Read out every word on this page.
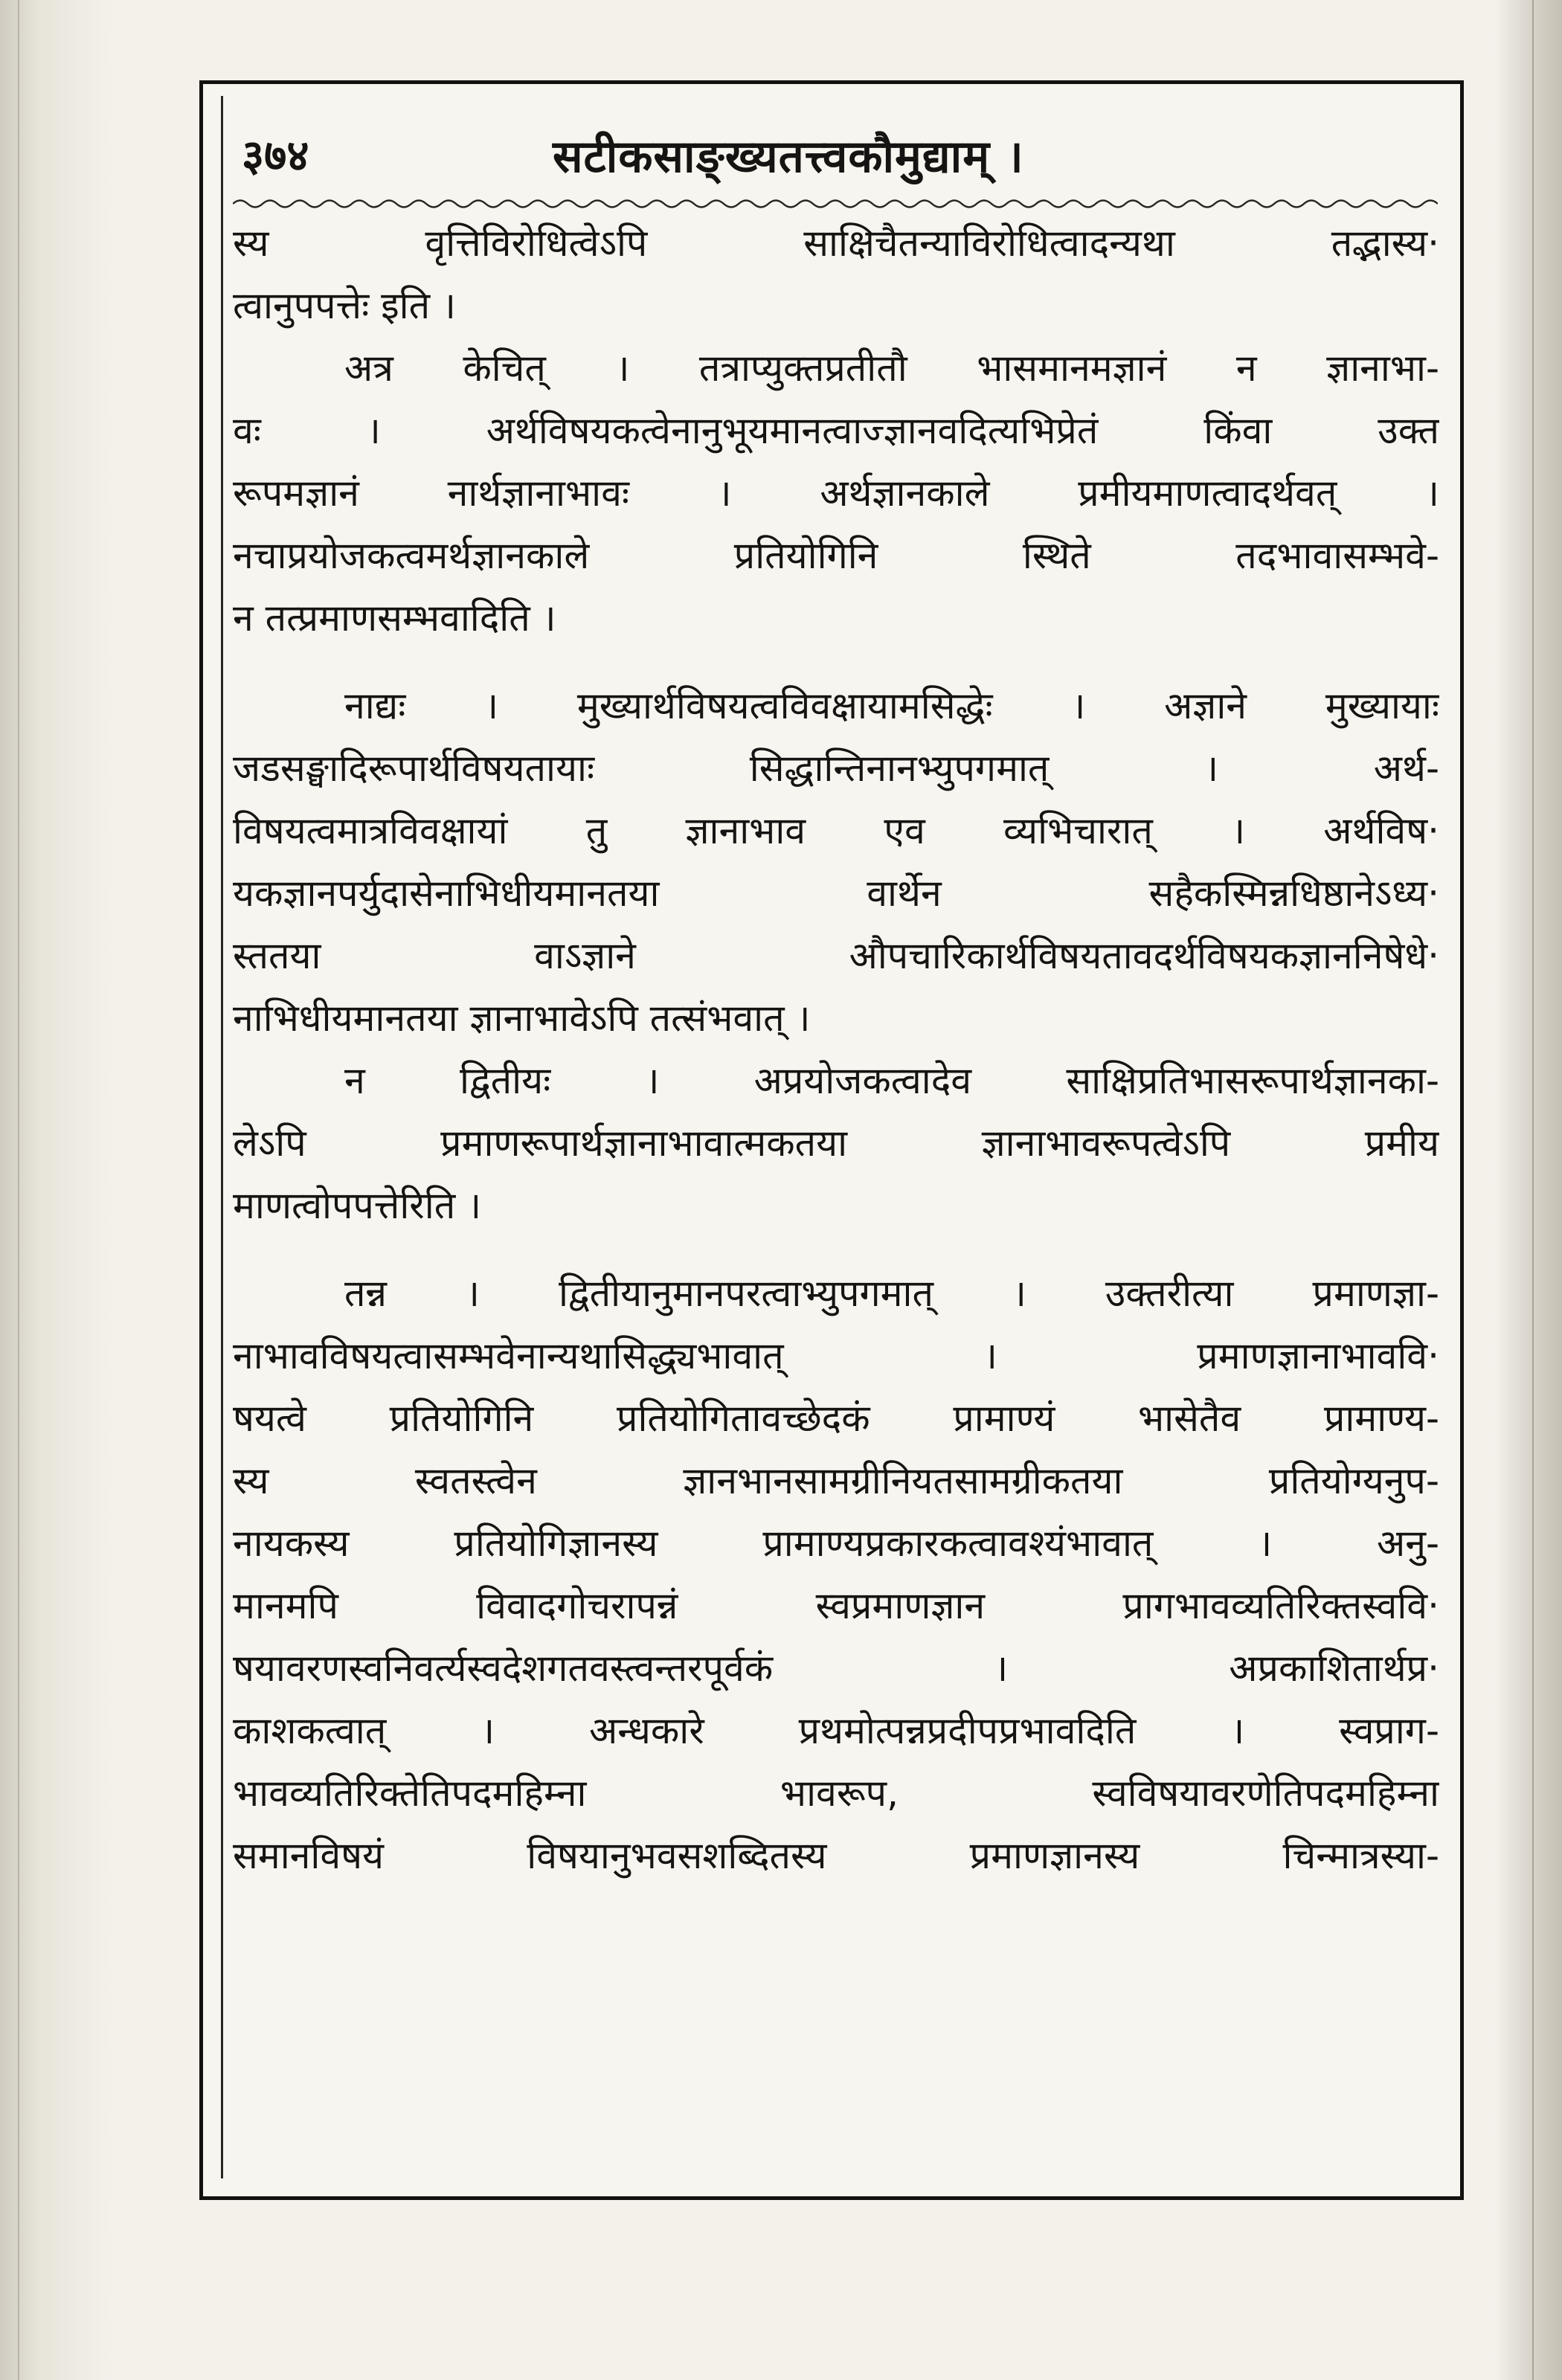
३७४	सटीकसाङ्ख्यतत्त्वकौमुद्याम् ।
स्य वृत्तिविरोधित्वेऽपि साक्षिचैतन्याविरोधित्वादन्यथा तद्भास्य·
त्वानुपपत्तेः इति ।
अत्र केचित् । तत्राप्युक्तप्रतीतौ भासमानमज्ञानं न ज्ञानाभा-
वः । अर्थविषयकत्वेनानुभूयमानत्वाज्ज्ञानवदित्यभिप्रेतं किंवा उक्त
रूपमज्ञानं नार्थज्ञानाभावः । अर्थज्ञानकाले प्रमीयमाणत्वादर्थवत् ।
नचाप्रयोजकत्वमर्थज्ञानकाले प्रतियोगिनि स्थिते तदभावासम्भवे-
न तत्प्रमाणसम्भवादिति ।
नाद्यः । मुख्यार्थविषयत्वविवक्षायामसिद्धेः । अज्ञाने मुख्यायाः
जडसङ्घादिरूपार्थविषयतायाः सिद्धान्तिनानभ्युपगमात् । अर्थ-
विषयत्वमात्रविवक्षायां तु ज्ञानाभाव एव व्यभिचारात् । अर्थविष·
यकज्ञानपर्युदासेनाभिधीयमानतया वार्थेन सहैकस्मिन्नधिष्ठानेऽध्य·
स्ततया वाऽज्ञाने औपचारिकार्थविषयतावदर्थविषयकज्ञाननिषेधे·
नाभिधीयमानतया ज्ञानाभावेऽपि तत्संभवात् ।
न द्वितीयः । अप्रयोजकत्वादेव साक्षिप्रतिभासरूपार्थज्ञानका-
लेऽपि प्रमाणरूपार्थज्ञानाभावात्मकतया ज्ञानाभावरूपत्वेऽपि प्रमीय
माणत्वोपपत्तेरिति ।
तन्न । द्वितीयानुमानपरत्वाभ्युपगमात् । उक्तरीत्या प्रमाणज्ञा-
नाभावविषयत्वासम्भवेनान्यथासिद्ध्यभावात् । प्रमाणज्ञानाभाववि·
षयत्वे प्रतियोगिनि प्रतियोगितावच्छेदकं प्रामाण्यं भासेतैव प्रामाण्य-
स्य स्वतस्त्वेन ज्ञानभानसामग्रीनियतसामग्रीकतया प्रतियोग्यनुप-
नायकस्य प्रतियोगिज्ञानस्य प्रामाण्यप्रकारकत्वावश्यंभावात् । अनु-
मानमपि विवादगोचरापन्नं स्वप्रमाणज्ञान प्रागभावव्यतिरिक्तस्ववि·
षयावरणस्वनिवर्त्यस्वदेशगतवस्त्वन्तरपूर्वकं । अप्रकाशितार्थप्र·
काशकत्वात् । अन्धकारे प्रथमोत्पन्नप्रदीपप्रभावदिति । स्वप्राग-
भावव्यतिरिक्तेतिपदमहिम्ना भावरूप, स्वविषयावरणेतिपदमहिम्ना
समानविषयं विषयानुभवसशब्दितस्य प्रमाणज्ञानस्य चिन्मात्रस्या-
